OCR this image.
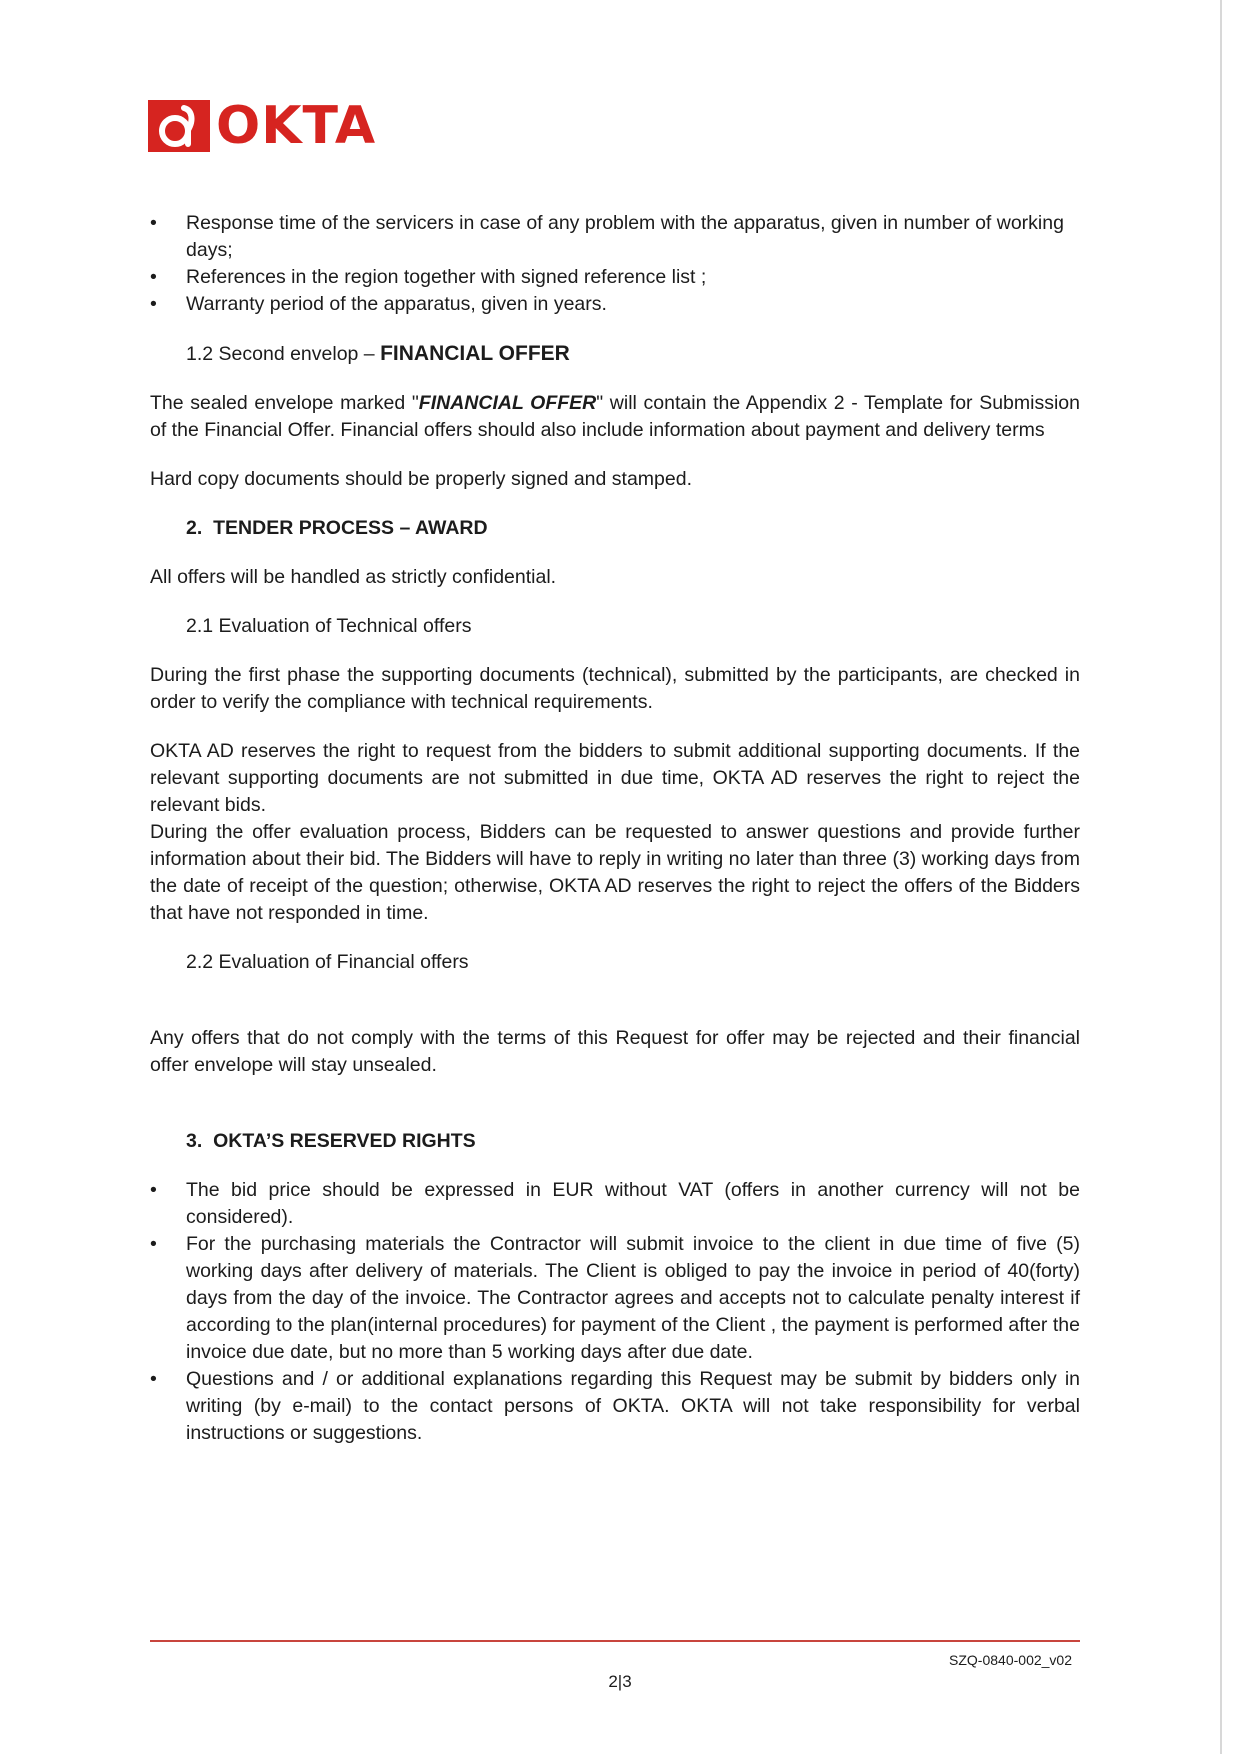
OKTA
• Response time of the servicers in case of any problem with the apparatus, given in number of working days;
• References in the region together with signed reference list ;
• Warranty period of the apparatus, given in years.
1.2 Second envelop – FINANCIAL OFFER

The sealed envelope marked "FINANCIAL OFFER" will contain the Appendix 2 - Template for Submission of the Financial Offer. Financial offers should also include information about payment and delivery terms

Hard copy documents should be properly signed and stamped.

2. TENDER PROCESS – AWARD

All offers will be handled as strictly confidential.

2.1 Evaluation of Technical offers

During the first phase the supporting documents (technical), submitted by the participants, are checked in order to verify the compliance with technical requirements.

OKTA AD reserves the right to request from the bidders to submit additional supporting documents. If the relevant supporting documents are not submitted in due time, OKTA AD reserves the right to reject the relevant bids.

During the offer evaluation process, Bidders can be requested to answer questions and provide further information about their bid. The Bidders will have to reply in writing no later than three (3) working days from the date of receipt of the question; otherwise, OKTA AD reserves the right to reject the offers of the Bidders that have not responded in time.

2.2 Evaluation of Financial offers

Any offers that do not comply with the terms of this Request for offer may be rejected and their financial offer envelope will stay unsealed.

3. OKTA’S RESERVED RIGHTS
• The bid price should be expressed in EUR without VAT (offers in another currency will not be considered).
• For the purchasing materials the Contractor will submit invoice to the client in due time of five (5) working days after delivery of materials. The Client is obliged to pay the invoice in period of 40(forty) days from the day of the invoice. The Contractor agrees and accepts not to calculate penalty interest if according to the plan(internal procedures) for payment of the Client , the payment is performed after the invoice due date, but no more than 5 working days after due date.
• Questions and / or additional explanations regarding this Request may be submit by bidders only in writing (by e-mail) to the contact persons of OKTA. OKTA will not take responsibility for verbal instructions or suggestions.
SZQ-0840-002_v02
2|3
